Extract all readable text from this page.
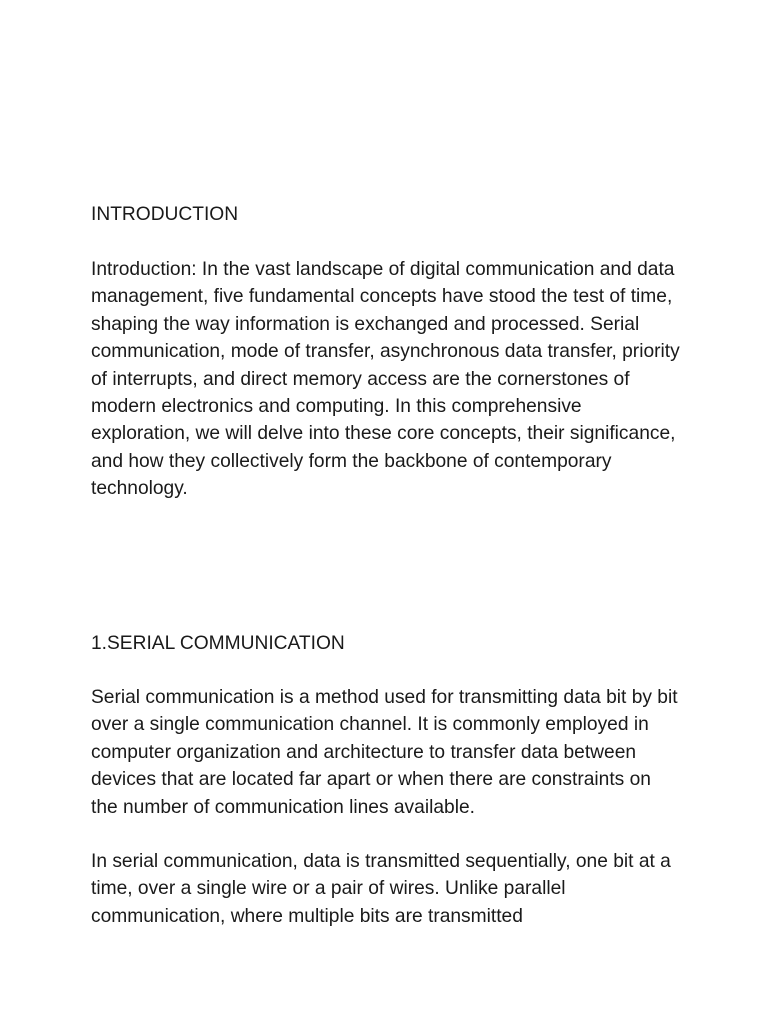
INTRODUCTION

Introduction: In the vast landscape of digital communication and data management, five fundamental concepts have stood the test of time, shaping the way information is exchanged and processed. Serial communication, mode of transfer, asynchronous data transfer, priority of interrupts, and direct memory access are the cornerstones of modern electronics and computing. In this comprehensive exploration, we will delve into these core concepts, their significance, and how they collectively form the backbone of contemporary technology.

1.SERIAL COMMUNICATION

Serial communication is a method used for transmitting data bit by bit over a single communication channel. It is commonly employed in computer organization and architecture to transfer data between devices that are located far apart or when there are constraints on the number of communication lines available.

In serial communication, data is transmitted sequentially, one bit at a time, over a single wire or a pair of wires. Unlike parallel communication, where multiple bits are transmitted
